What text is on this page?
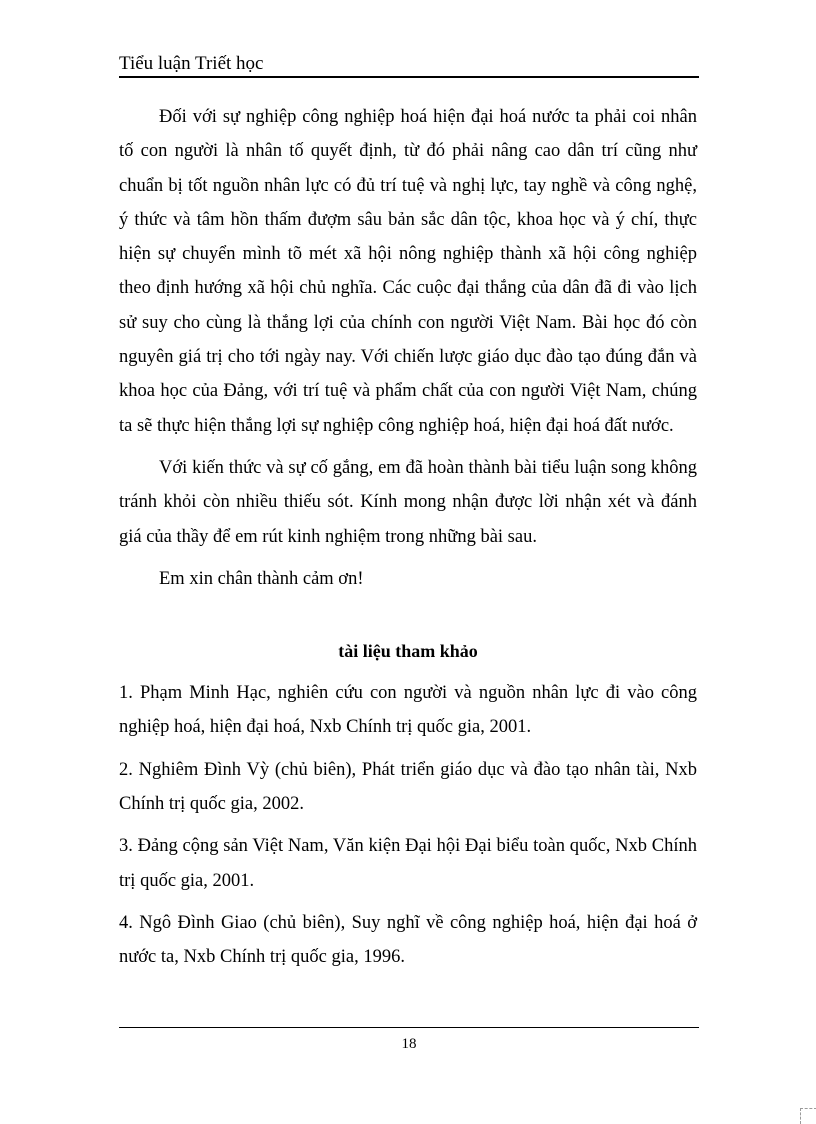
Tiểu luận Triết học

Đối với sự nghiệp công nghiệp hoá hiện đại hoá nước ta phải coi nhân tố con người là nhân tố quyết định, từ đó phải nâng cao dân trí cũng như chuẩn bị tốt nguồn nhân lực có đủ trí tuệ và nghị lực, tay nghề và công nghệ, ý thức và tâm hồn thấm đượm sâu bản sắc dân tộc, khoa học và ý chí, thực hiện sự chuyển mình tõ mét xã hội nông nghiệp thành xã hội công nghiệp theo định hướng xã hội chủ nghĩa. Các cuộc đại thắng của dân đã đi vào lịch sử suy cho cùng là thắng lợi của chính con người Việt Nam. Bài học đó còn nguyên giá trị cho tới ngày nay. Với chiến lược giáo dục đào tạo đúng đắn và khoa học của Đảng, với trí tuệ và phẩm chất của con người Việt Nam, chúng ta sẽ thực hiện thắng lợi sự nghiệp công nghiệp hoá, hiện đại hoá đất nước.

Với kiến thức và sự cố gắng, em đã hoàn thành bài tiểu luận song không tránh khỏi còn nhiều thiếu sót. Kính mong nhận được lời nhận xét và đánh giá của thầy để em rút kinh nghiệm trong những bài sau.

Em xin chân thành cảm ơn!

tài liệu tham khảo

1. Phạm Minh Hạc, nghiên cứu con người và nguồn nhân lực đi vào công nghiệp hoá, hiện đại hoá, Nxb Chính trị quốc gia, 2001.

2. Nghiêm Đình Vỳ (chủ biên), Phát triển giáo dục và đào tạo nhân tài, Nxb Chính trị quốc gia, 2002.

3. Đảng cộng sản Việt Nam, Văn kiện Đại hội Đại biểu toàn quốc, Nxb Chính trị quốc gia, 2001.

4. Ngô Đình Giao (chủ biên), Suy nghĩ về công nghiệp hoá, hiện đại hoá ở nước ta, Nxb Chính trị quốc gia, 1996.

18
